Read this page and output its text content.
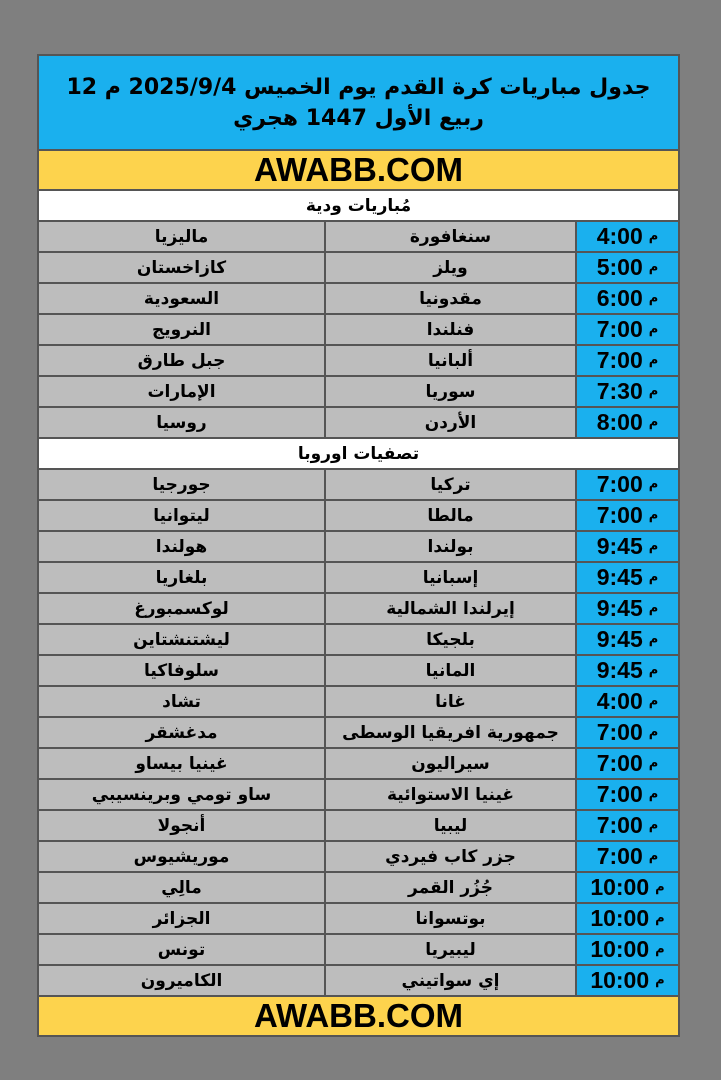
جدول مباريات كرة القدم يوم الخميس 2025/9/4 م 12 ربيع الأول 1447 هجري
AWABB.COM
مُباريات ودية
م
4:00
سنغافورة
ماليزيا
م
5:00
ويلز
كازاخستان
م
6:00
مقدونيا
السعودية
م
7:00
فنلندا
النرويج
م
7:00
ألبانيا
جبل طارق
م
7:30
سوريا
الإمارات
م
8:00
الأردن
روسيا
تصفيات اوروبا
م
7:00
تركيا
جورجيا
م
7:00
مالطا
ليتوانيا
م
9:45
بولندا
هولندا
م
9:45
إسبانيا
بلغاريا
م
9:45
إيرلندا الشمالية
لوكسمبورغ
م
9:45
بلجيكا
ليشتنشتاين
م
9:45
المانيا
سلوفاكيا
م
4:00
غانا
تشاد
م
7:00
جمهورية افريقيا الوسطى
مدغشقر
م
7:00
سيراليون
غينيا بيساو
م
7:00
غينيا الاستوائية
ساو تومي وبرينسيبي
م
7:00
ليبيا
أنجولا
م
7:00
جزر كاب فيردي
موريشيوس
م
10:00
جُزُر القمر
مالِي
م
10:00
بوتسوانا
الجزائر
م
10:00
ليبيريا
تونس
م
10:00
إي سواتيني
الكاميرون
AWABB.COM
